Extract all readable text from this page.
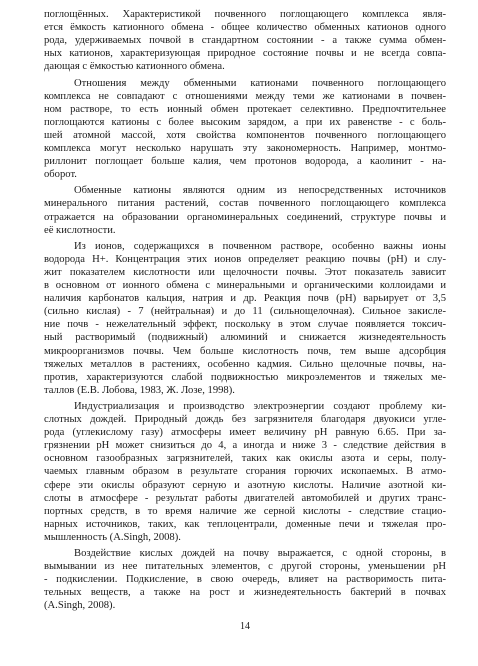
поглощённых. Характеристикой почвенного поглощающего комплекса явля-
ется ёмкость катионного обмена - общее количество обменных катионов одного
рода, удерживаемых почвой в стандартном состоянии - а также сумма обмен-
ных катионов, характеризующая природное состояние почвы и не всегда совпа-
дающая с ёмкостью катионного обмена.
Отношения между обменными катионами почвенного поглощающего
комплекса не совпадают с отношениями между теми же катионами в почвен-
ном растворе, то есть ионный обмен протекает селективно. Предпочтительнее
поглощаются катионы с более высоким зарядом, а при их равенстве - с боль-
шей атомной массой, хотя свойства компонентов почвенного поглощающего
комплекса могут несколько нарушать эту закономерность. Например, монтмо-
риллонит поглощает больше калия, чем протонов водорода, а каолинит - на-
оборот.
Обменные катионы являются одним из непосредственных источников
минерального питания растений, состав почвенного поглощающего комплекса
отражается на образовании органоминеральных соединений, структуре почвы и
её кислотности.
Из ионов, содержащихся в почвенном растворе, особенно важны ионы
водорода H+. Концентрация этих ионов определяет реакцию почвы (pH) и слу-
жит показателем кислотности или щелочности почвы. Этот показатель зависит
в основном от ионного обмена с минеральными и органическими коллоидами и
наличия карбонатов кальция, натрия и др. Реакция почв (pH) варьирует от 3,5
(сильно кислая) - 7 (нейтральная) и до 11 (сильнощелочная). Сильное закисле-
ние почв - нежелательный эффект, поскольку в этом случае появляется токсич-
ный растворимый (подвижный) алюминий и снижается жизнедеятельность
микроорганизмов почвы. Чем больше кислотность почв, тем выше адсорбция
тяжелых металлов в растениях, особенно кадмия. Сильно щелочные почвы, на-
против, характеризуются слабой подвижностью микроэлементов и тяжелых ме-
таллов (Е.В. Лобова, 1983, Ж. Лозе, 1998).
Индустриализация и производство электроэнергии создают проблему ки-
слотных дождей. Природный дождь без загрязнителя благодаря двуокиси угле-
рода (углекислому газу) атмосферы имеет величину pH равную 6.65. При за-
грязнении pH может снизиться до 4, а иногда и ниже 3 - следствие действия в
основном газообразных загрязнителей, таких как окислы азота и серы, полу-
чаемых главным образом в результате сгорания горючих ископаемых. В атмо-
сфере эти окислы образуют серную и азотную кислоты. Наличие азотной ки-
слоты в атмосфере - результат работы двигателей автомобилей и других транс-
портных средств, в то время наличие же серной кислоты - следствие стацио-
нарных источников, таких, как теплоцентрали, доменные печи и тяжелая про-
мышленность (A.Singh, 2008).
Воздействие кислых дождей на почву выражается, с одной стороны, в
вымывании из нее питательных элементов, с другой стороны, уменьшении pH
- подкислении. Подкисление, в свою очередь, влияет на растворимость пита-
тельных веществ, а также на рост и жизнедеятельность бактерий в почвах
(A.Singh, 2008).
14
